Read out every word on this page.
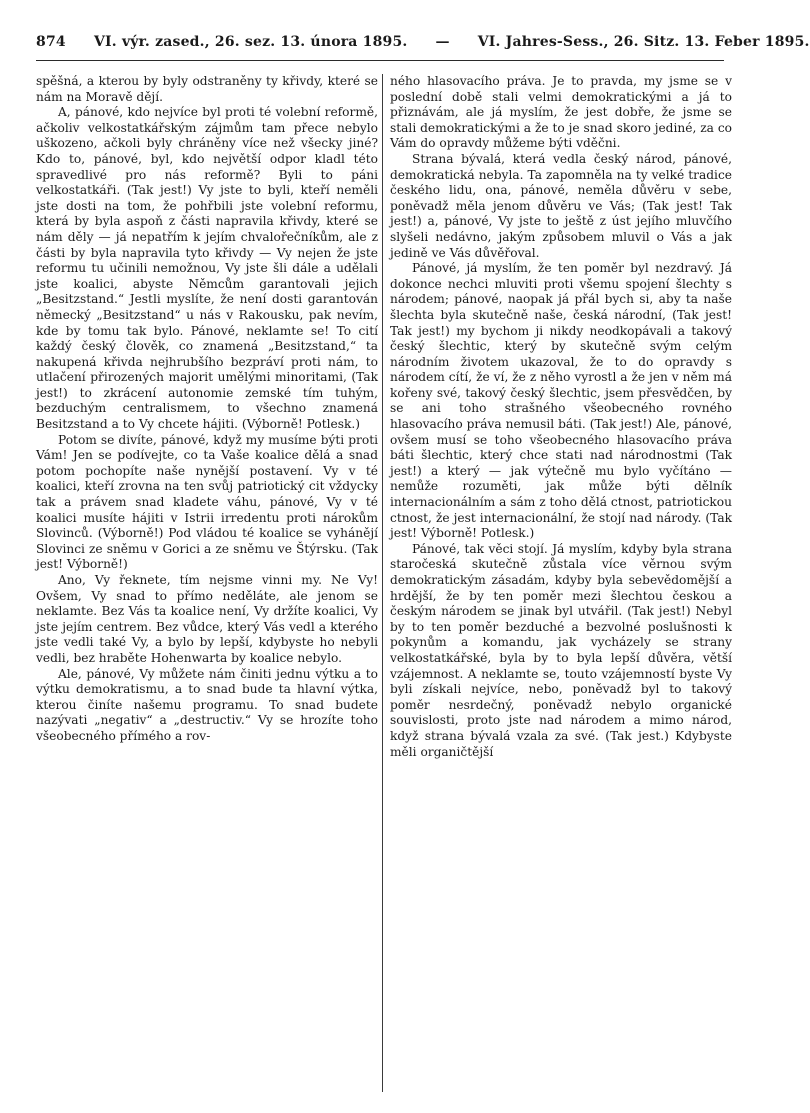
874 VI. výr. zased., 26. sez. 13. února 1895. — VI. Jahres-Sess., 26. Sitz. 13. Feber 1895.

spěšná, a kterou by byly odstraněny ty křivdy, které se nám na Moravě dějí.

A, pánové, kdo nejvíce byl proti té volební reformě, ačkoliv velkostatkářským zájmům tam přece nebylo uškozeno, ačkoli byly chráněny více než všecky jiné? Kdo to, pánové, byl, kdo největší odpor kladl této spravedlivé pro nás reformě? Byli to páni velkostatkáři. (Tak jest!) Vy jste to byli, kteří neměli jste dosti na tom, že pohřbili jste volební reformu, která by byla aspoň z části napravila křivdy, které se nám děly — já nepatřím k jejím chvalořečníkům, ale z části by byla napravila tyto křivdy — Vy nejen že jste reformu tu učinili nemožnou, Vy jste šli dále a udělali jste koalici, abyste Němcům garantovali jejich „Besitzstand.“ Jestli myslíte, že není dosti garantován německý „Besitzstand“ u nás v Rakousku, pak nevím, kde by tomu tak bylo. Pánové, neklamte se! To cití každý český člověk, co znamená „Besitzstand,“ ta nakupená křivda nejhrubšího bezpráví proti nám, to utlačení přirozených majorit umělými minoritami, (Tak jest!) to zkrácení autonomie zemské tím tuhým, bezduchým centralismem, to všechno znamená Besitzstand a to Vy chcete hájiti. (Výborně! Potlesk.)

Potom se divíte, pánové, když my musíme býti proti Vám! Jen se podívejte, co ta Vaše koalice dělá a snad potom pochopíte naše nynější postavení. Vy v té koalici, kteří zrovna na ten svůj patriotický cit vždycky tak a právem snad kladete váhu, pánové, Vy v té koalici musíte hájiti v Istrii irredentu proti nárokům Slovinců. (Výborně!) Pod vládou té koalice se vyhánějí Slovinci ze sněmu v Gorici a ze sněmu ve Štýrsku. (Tak jest! Výborně!)

Ano, Vy řeknete, tím nejsme vinni my. Ne Vy! Ovšem, Vy snad to přímo neděláte, ale jenom se neklamte. Bez Vás ta koalice není, Vy držíte koalici, Vy jste jejím centrem. Bez vůdce, který Vás vedl a kterého jste vedli také Vy, a bylo by lepší, kdybyste ho nebyli vedli, bez hraběte Hohenwarta by koalice nebylo.

Ale, pánové, Vy můžete nám činiti jednu výtku a to výtku demokratismu, a to snad bude ta hlavní výtka, kterou činíte našemu programu. To snad budete nazývati „negativ“ a „destructiv.“ Vy se hrozíte toho všeobecného přímého a rov-

ného hlasovacího práva. Je to pravda, my jsme se v poslední době stali velmi demokratickými a já to přiznávám, ale já myslím, že jest dobře, že jsme se stali demokratickými a že to je snad skoro jediné, za co Vám do opravdy můžeme býti vděčni.

Strana bývalá, která vedla český národ, pánové, demokratická nebyla. Ta zapomněla na ty velké tradice českého lidu, ona, pánové, neměla důvěru v sebe, poněvadž měla jenom důvěru ve Vás; (Tak jest! Tak jest!) a, pánové, Vy jste to ještě z úst jejího mluvčího slyšeli nedávno, jakým způsobem mluvil o Vás a jak jedině ve Vás důvěřoval.

Pánové, já myslím, že ten poměr byl nezdravý. Já dokonce nechci mluviti proti všemu spojení šlechty s národem; pánové, naopak já přál bych si, aby ta naše šlechta byla skutečně naše, česká národní, (Tak jest! Tak jest!) my bychom ji nikdy neodkopávali a takový český šlechtic, který by skutečně svým celým národním životem ukazoval, že to do opravdy s národem cítí, že ví, že z něho vyrostl a že jen v něm má kořeny své, takový český šlechtic, jsem přesvědčen, by se ani toho strašného všeobecného rovného hlasovacího práva nemusil báti. (Tak jest!) Ale, pánové, ovšem musí se toho všeobecného hlasovacího práva báti šlechtic, který chce stati nad národnostmi (Tak jest!) a který — jak výtečně mu bylo vyčítáno — nemůže rozuměti, jak může býti dělník internacionálním a sám z toho dělá ctnost, patriotickou ctnost, že jest internacionální, že stojí nad národy. (Tak jest! Výborně! Potlesk.)

Pánové, tak věci stojí. Já myslím, kdyby byla strana staročeská skutečně zůstala více věrnou svým demokratickým zásadám, kdyby byla sebevědomější a hrdější, že by ten poměr mezi šlechtou českou a českým národem se jinak byl utvářil. (Tak jest!) Nebyl by to ten poměr bezduché a bezvolné poslušnosti k pokynům a komandu, jak vycházely se strany velkostatkářské, byla by to byla lepší důvěra, větší vzájemnost. A neklamte se, touto vzájemností byste Vy byli získali nejvíce, nebo, poněvadž byl to takový poměr nesrdečný, poněvadž nebylo organické souvislosti, proto jste nad národem a mimo národ, když strana bývalá vzala za své. (Tak jest.) Kdybyste měli organičtější
